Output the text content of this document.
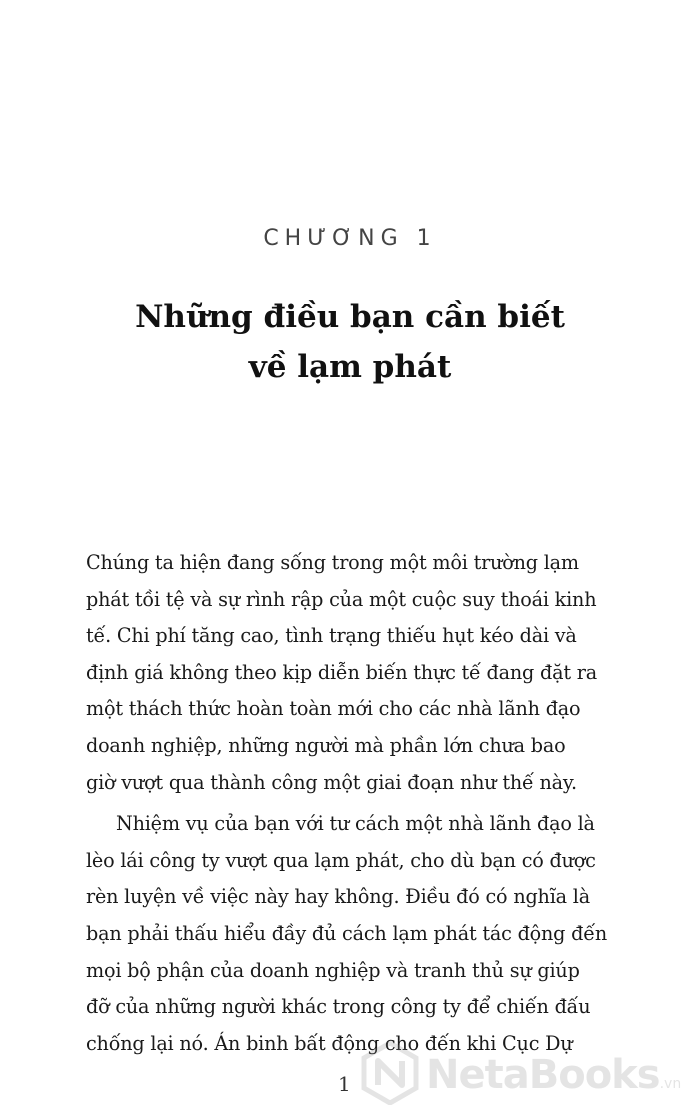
CHƯƠNG 1
Những điều bạn cần biết
về lạm phát
Chúng ta hiện đang sống trong một môi trường lạm
phát tồi tệ và sự rình rập của một cuộc suy thoái kinh
tế. Chi phí tăng cao, tình trạng thiếu hụt kéo dài và
định giá không theo kịp diễn biến thực tế đang đặt ra
một thách thức hoàn toàn mới cho các nhà lãnh đạo
doanh nghiệp, những người mà phần lớn chưa bao
giờ vượt qua thành công một giai đoạn như thế này.
Nhiệm vụ của bạn với tư cách một nhà lãnh đạo là
lèo lái công ty vượt qua lạm phát, cho dù bạn có được
rèn luyện về việc này hay không. Điều đó có nghĩa là
bạn phải thấu hiểu đầy đủ cách lạm phát tác động đến
mọi bộ phận của doanh nghiệp và tranh thủ sự giúp
đỡ của những người khác trong công ty để chiến đấu
chống lại nó. Án binh bất động cho đến khi Cục Dự
1 NetaBooks .vn
